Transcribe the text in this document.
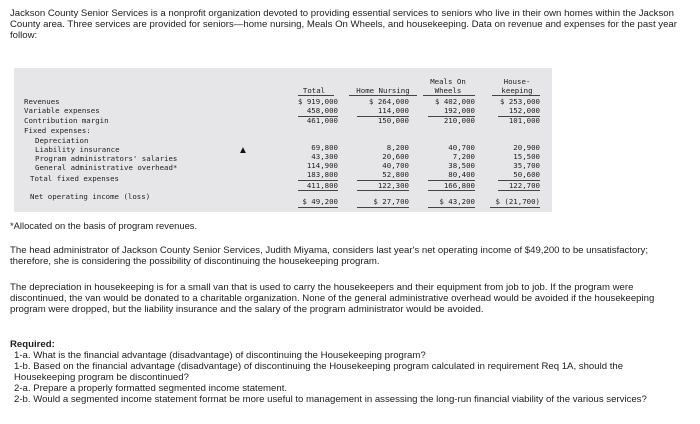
Jackson County Senior Services is a nonprofit organization devoted to providing essential services to seniors who live in their own homes within the Jackson County area. Three services are provided for seniors—home nursing, Meals On Wheels, and housekeeping. Data on revenue and expenses for the past year follow:

Total	Home Nursing
Meals On
Wheels
House-
keeping
Revenues
Variable expenses
Contribution margin
Fixed expenses:
Depreciation
Liability insurance
Program administrators' salaries
General administrative overhead*
Total fixed expenses
Net operating income (loss)
$ 919,000
458,000
461,000
69,800
43,300
114,900
183,800
411,800
$ 49,200
$ 264,000
114,000
150,000
8,200
20,600
40,700
52,800
122,300
$ 27,700
$ 402,000
192,000
210,000
40,700
7,200
38,500
80,400
166,800
$ 43,200
$ 253,000
152,000
101,000
20,900
15,500
35,700
50,600
122,700
$ (21,700)
▲

*Allocated on the basis of program revenues.

The head administrator of Jackson County Senior Services, Judith Miyama, considers last year's net operating income of $49,200 to be unsatisfactory; therefore, she is considering the possibility of discontinuing the housekeeping program.

The depreciation in housekeeping is for a small van that is used to carry the housekeepers and their equipment from job to job. If the program were discontinued, the van would be donated to a charitable organization. None of the general administrative overhead would be avoided if the housekeeping program were dropped, but the liability insurance and the salary of the program administrator would be avoided.

Required:
1-a. What is the financial advantage (disadvantage) of discontinuing the Housekeeping program?
1-b. Based on the financial advantage (disadvantage) of discontinuing the Housekeeping program calculated in requirement Req 1A, should the Housekeeping program be discontinued?
2-a. Prepare a properly formatted segmented income statement.
2-b. Would a segmented income statement format be more useful to management in assessing the long-run financial viability of the various services?
